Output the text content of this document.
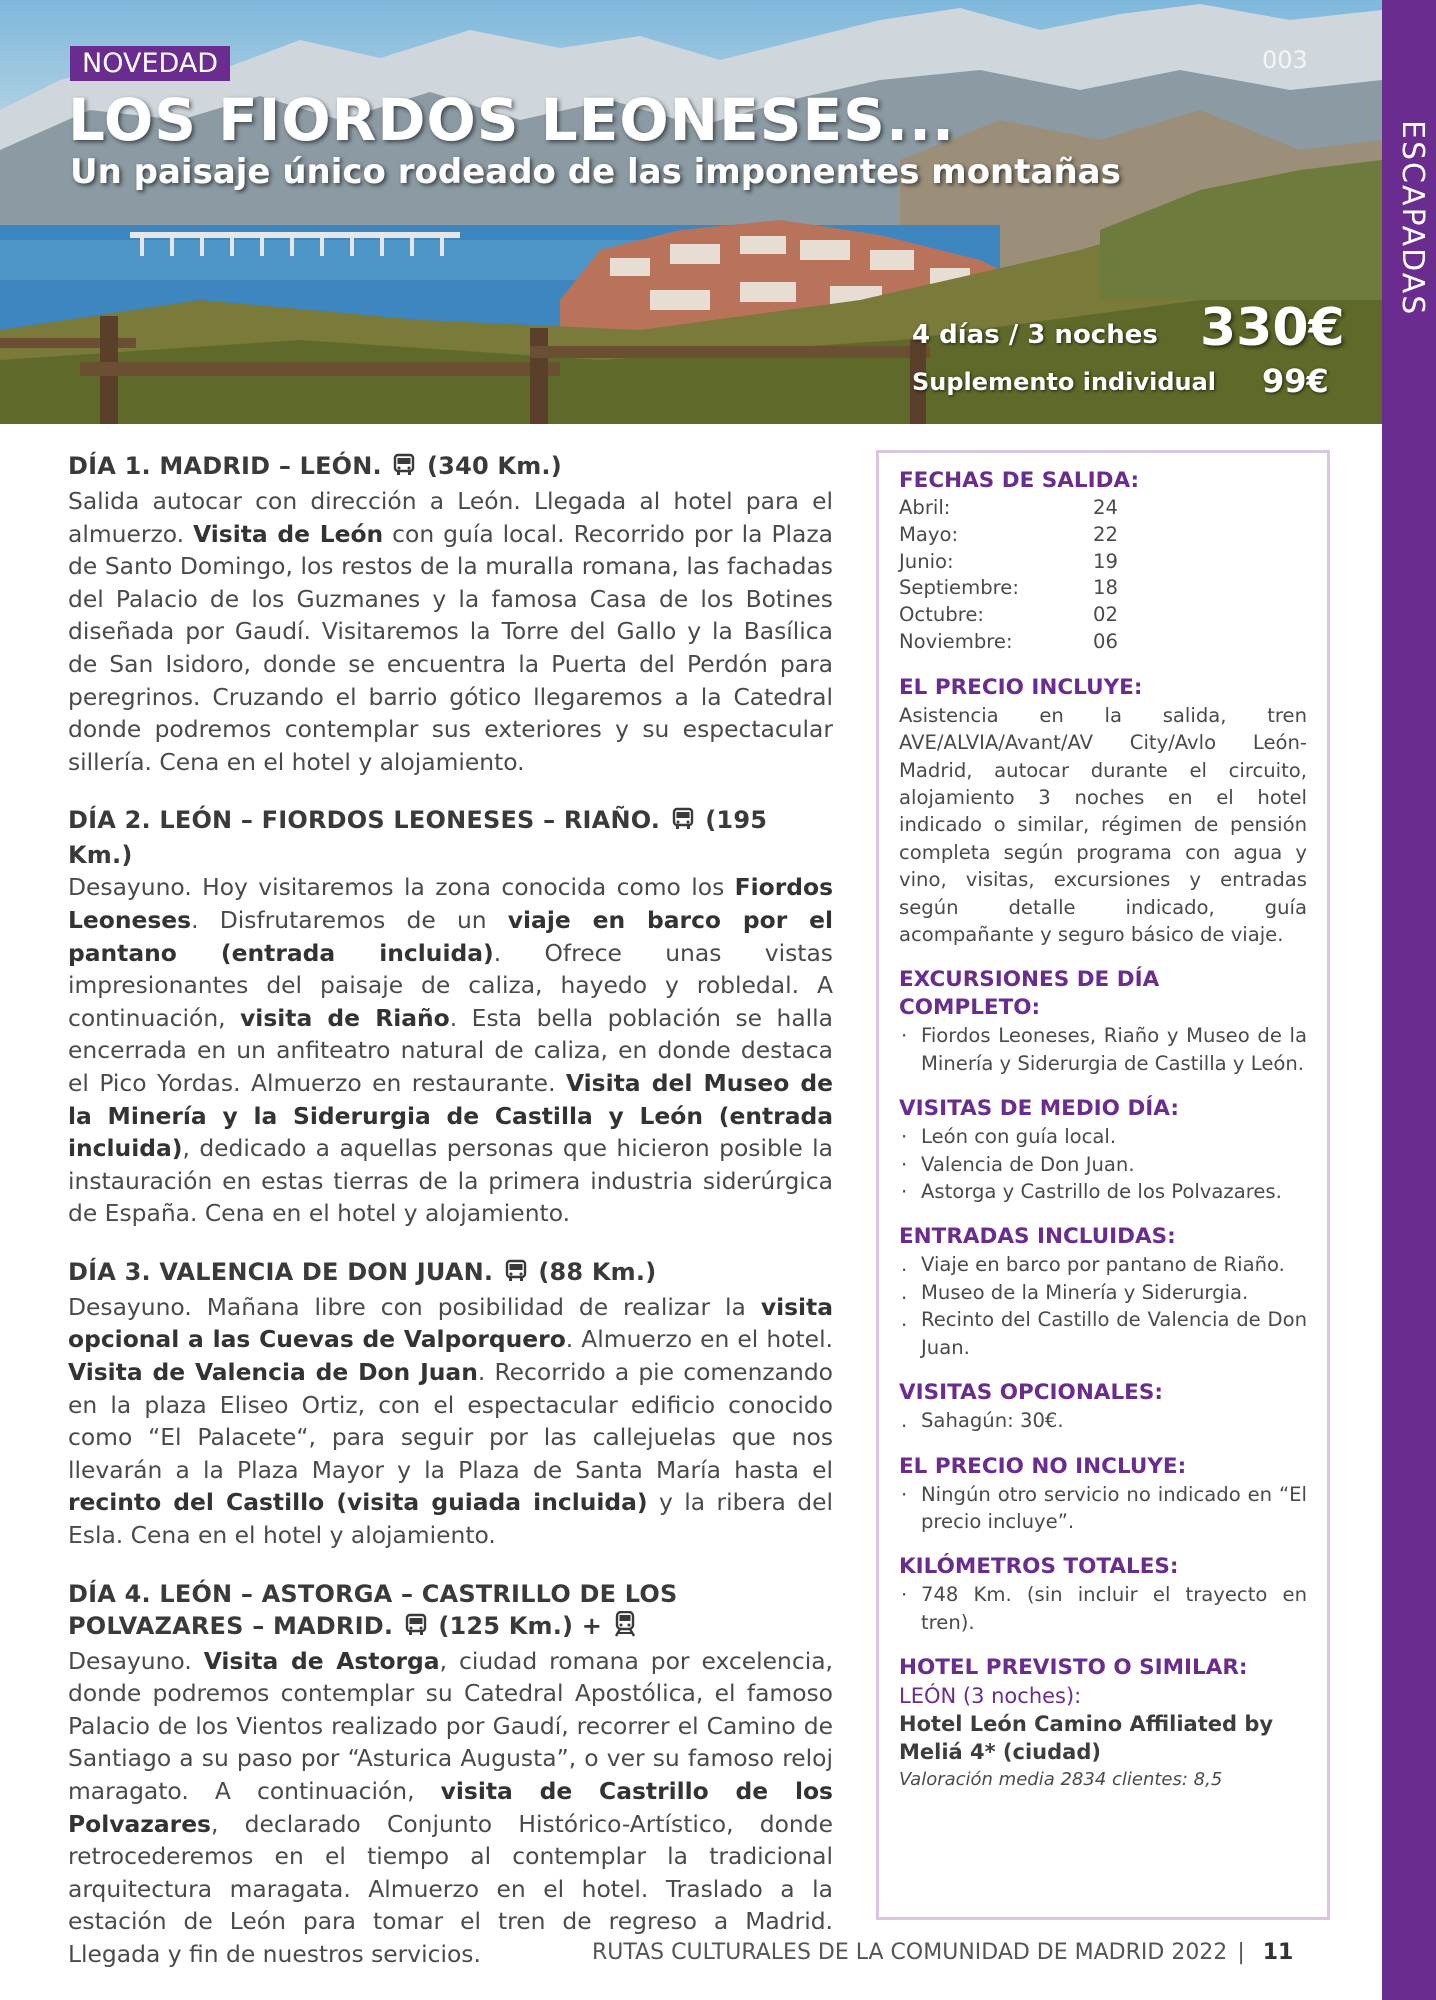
ESCAPADAS
NOVEDAD	003
LOS FIORDOS LEONESES...
Un paisaje único rodeado de las imponentes montañas
4 días / 3 noches 330€
Suplemento individual 99€
DÍA 1. MADRID – LEÓN. (340 Km.)
Salida autocar con dirección a León. Llegada al hotel para el almuerzo. Visita de León con guía local. Recorrido por la Plaza de Santo Domingo, los restos de la muralla romana, las fachadas del Palacio de los Guzmanes y la famosa Casa de los Botines diseñada por Gaudí. Visitaremos la Torre del Gallo y la Basílica de San Isidoro, donde se encuentra la Puerta del Perdón para peregrinos. Cruzando el barrio gótico llegaremos a la Catedral donde podremos contemplar sus exteriores y su espectacular sillería. Cena en el hotel y alojamiento.
DÍA 2. LEÓN – FIORDOS LEONESES – RIAÑO. (195 Km.)
Desayuno. Hoy visitaremos la zona conocida como los Fiordos Leoneses. Disfrutaremos de un viaje en barco por el pantano (entrada incluida). Ofrece unas vistas impresionantes del paisaje de caliza, hayedo y robledal. A continuación, visita de Riaño. Esta bella población se halla encerrada en un anfiteatro natural de caliza, en donde destaca el Pico Yordas. Almuerzo en restaurante. Visita del Museo de la Minería y la Siderurgia de Castilla y León (entrada incluida), dedicado a aquellas personas que hicieron posible la instauración en estas tierras de la primera industria siderúrgica de España. Cena en el hotel y alojamiento.
DÍA 3. VALENCIA DE DON JUAN. (88 Km.)
Desayuno. Mañana libre con posibilidad de realizar la visita opcional a las Cuevas de Valporquero. Almuerzo en el hotel. Visita de Valencia de Don Juan. Recorrido a pie comenzando en la plaza Eliseo Ortiz, con el espectacular edificio conocido como “El Palacete“, para seguir por las callejuelas que nos llevarán a la Plaza Mayor y la Plaza de Santa María hasta el recinto del Castillo (visita guiada incluida) y la ribera del Esla. Cena en el hotel y alojamiento.
DÍA 4. LEÓN – ASTORGA – CASTRILLO DE LOS POLVAZARES – MADRID. (125 Km.) +
Desayuno. Visita de Astorga, ciudad romana por excelencia, donde podremos contemplar su Catedral Apostólica, el famoso Palacio de los Vientos realizado por Gaudí, recorrer el Camino de Santiago a su paso por “Asturica Augusta”, o ver su famoso reloj maragato. A continuación, visita de Castrillo de los Polvazares, declarado Conjunto Histórico-Artístico, donde retrocederemos en el tiempo al contemplar la tradicional arquitectura maragata. Almuerzo en el hotel. Traslado a la estación de León para tomar el tren de regreso a Madrid. Llegada y fin de nuestros servicios.
FECHAS DE SALIDA:
Abril:	24
Mayo:	22
Junio:	19
Septiembre:	18
Octubre:	02
Noviembre:	06
EL PRECIO INCLUYE:
Asistencia en la salida, tren AVE/ALVIA/Avant/AV City/Avlo León-Madrid, autocar durante el circuito, alojamiento 3 noches en el hotel indicado o similar, régimen de pensión completa según programa con agua y vino, visitas, excursiones y entradas según detalle indicado, guía acompañante y seguro básico de viaje.
EXCURSIONES DE DÍA COMPLETO:
· Fiordos Leoneses, Riaño y Museo de la Minería y Siderurgia de Castilla y León.
VISITAS DE MEDIO DÍA:
· León con guía local.
· Valencia de Don Juan.
· Astorga y Castrillo de los Polvazares.
ENTRADAS INCLUIDAS:
. Viaje en barco por pantano de Riaño.
. Museo de la Minería y Siderurgia.
. Recinto del Castillo de Valencia de Don Juan.
VISITAS OPCIONALES:
. Sahagún: 30€.
EL PRECIO NO INCLUYE:
· Ningún otro servicio no indicado en “El precio incluye”.
KILÓMETROS TOTALES:
· 748 Km. (sin incluir el trayecto en tren).
HOTEL PREVISTO O SIMILAR:
LEÓN (3 noches):
Hotel León Camino Affiliated by Meliá 4* (ciudad)
Valoración media 2834 clientes: 8,5
RUTAS CULTURALES DE LA COMUNIDAD DE MADRID 2022 | 11
